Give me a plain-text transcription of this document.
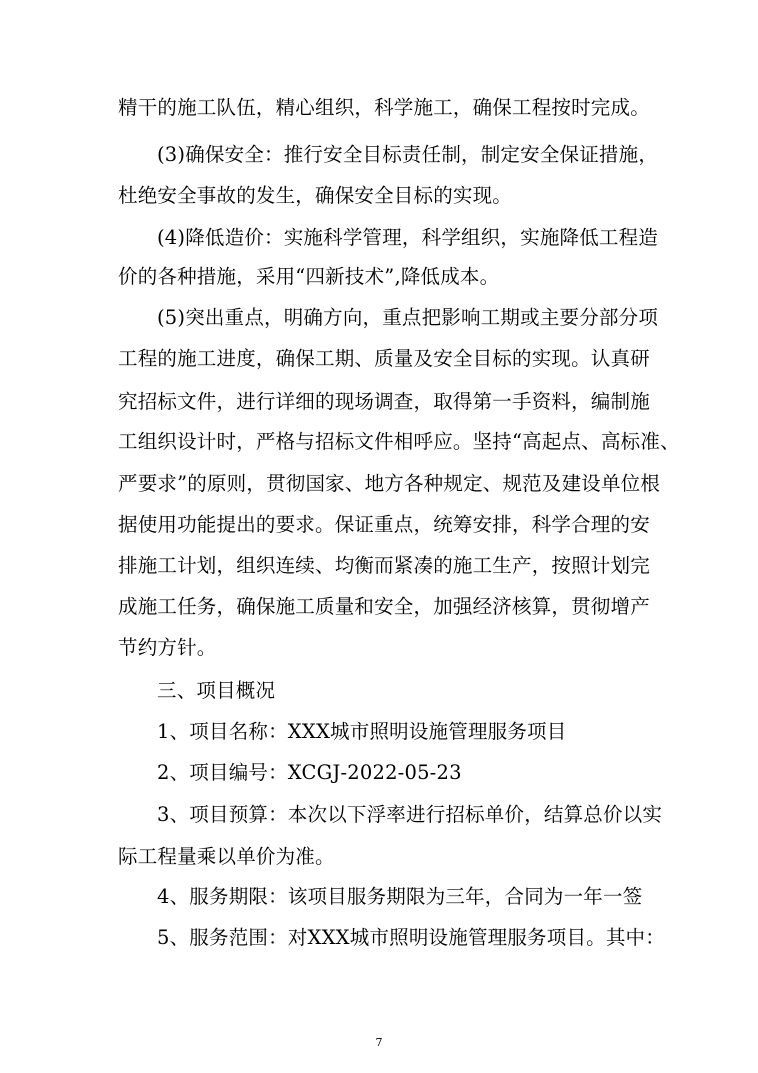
精干的施工队伍，精心组织，科学施工，确保工程按时完成。
(3)确保安全：推行安全目标责任制，制定安全保证措施，
杜绝安全事故的发生，确保安全目标的实现。
(4)降低造价：实施科学管理，科学组织，实施降低工程造
价的各种措施，采用“四新技术”,降低成本。
(5)突出重点，明确方向，重点把影响工期或主要分部分项
工程的施工进度，确保工期、质量及安全目标的实现。认真研
究招标文件，进行详细的现场调查，取得第一手资料，编制施
工组织设计时，严格与招标文件相呼应。坚持“高起点、高标准、
严要求”的原则，贯彻国家、地方各种规定、规范及建设单位根
据使用功能提出的要求。保证重点，统筹安排，科学合理的安
排施工计划，组织连续、均衡而紧凑的施工生产，按照计划完
成施工任务，确保施工质量和安全，加强经济核算，贯彻增产
节约方针。
三、项目概况
1、项目名称：XXX城市照明设施管理服务项目
2、项目编号：XCGJ-2022-05-23
3、项目预算：本次以下浮率进行招标单价，结算总价以实
际工程量乘以单价为准。
4、服务期限：该项目服务期限为三年，合同为一年一签
5、服务范围：对XXX城市照明设施管理服务项目。其中：
7
